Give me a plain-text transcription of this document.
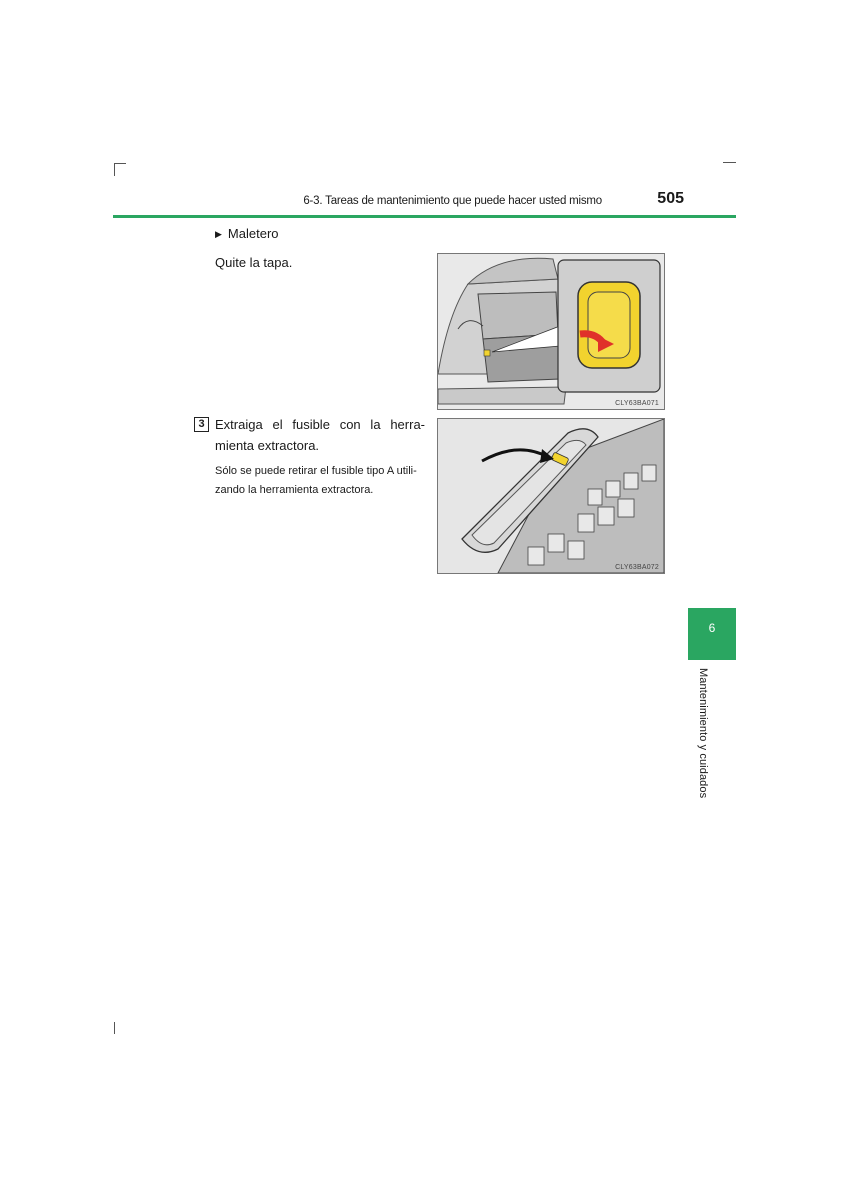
6-3. Tareas de mantenimiento que puede hacer usted mismo	505
▶ Maletero
Quite la tapa.
CLY63BA071
3 Extraiga el fusible con la herra-mienta extractora.
Sólo se puede retirar el fusible tipo A utili-zando la herramienta extractora.
CLY63BA072
6
Mantenimiento y cuidados
